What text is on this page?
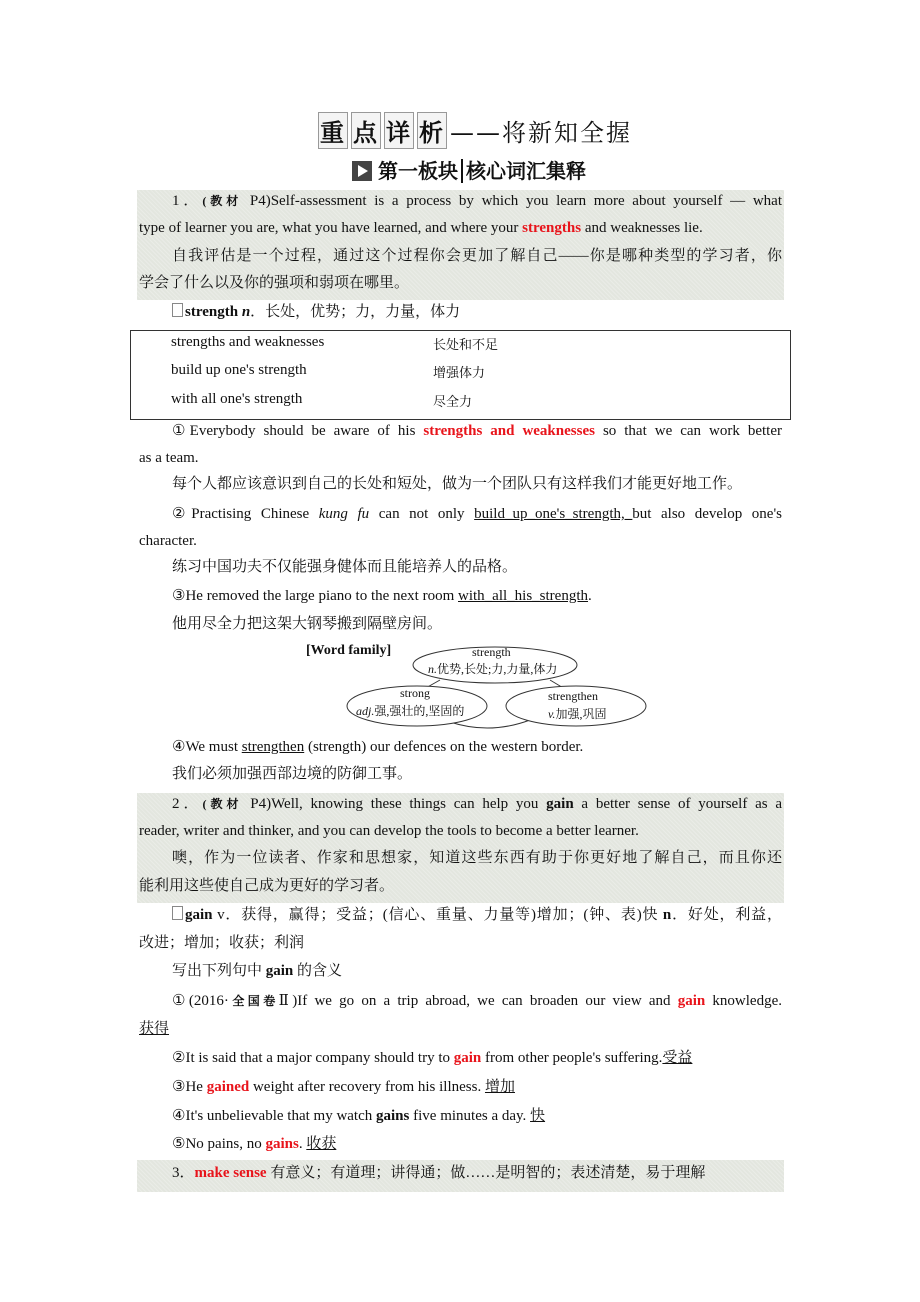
重 点 详 析 ——将新知全握
第一板块 核心词汇集释
1．(教材 P4)Self-assessment is a process by which you learn more about yourself — what
type of learner you are, what you have learned, and where your strengths and weaknesses lie.
自我评估是一个过程，通过这个过程你会更加了解自己——你是哪种类型的学习者，你
学会了什么以及你的强项和弱项在哪里。
strength n．长处，优势；力，力量，体力
strengths and weaknesses	长处和不足
build up one's strength	增强体力
with all one's strength	尽全力
①Everybody should be aware of his strengths and weaknesses so that we can work better
as a team.
每个人都应该意识到自己的长处和短处，做为一个团队只有这样我们才能更好地工作。
②Practising Chinese kung fu can not only build_up_one's_strength,_but also develop one's
character.
练习中国功夫不仅能强身健体而且能培养人的品格。
③He removed the large piano to the next room with_all_his_strength.
他用尽全力把这架大钢琴搬到隔壁房间。
[Word family]	strength
n.优势,长处;力,力量,体力
strong
adj.强,强壮的,坚固的
strengthen
v.加强,巩固
④We must strengthen (strength) our defences on the western border.
我们必须加强西部边境的防御工事。
2．(教材 P4)Well, knowing these things can help you gain a better sense of yourself as a
reader, writer and thinker, and you can develop the tools to become a better learner.
噢，作为一位读者、作家和思想家，知道这些东西有助于你更好地了解自己，而且你还
能利用这些使自己成为更好的学习者。
gain v．获得，赢得；受益；(信心、重量、力量等)增加；(钟、表)快 n．好处，利益，
改进；增加；收获；利润
写出下列句中 gain 的含义
①(2016·全国卷Ⅱ)If we go on a trip abroad, we can broaden our view and gain knowledge.
获得
②It is said that a major company should try to gain from other people's suffering.受益
③He gained weight after recovery from his illness. 增加
④It's unbelievable that my watch gains five minutes a day. 快
⑤No pains, no gains. 收获
3．make sense 有意义；有道理；讲得通；做……是明智的；表述清楚，易于理解
